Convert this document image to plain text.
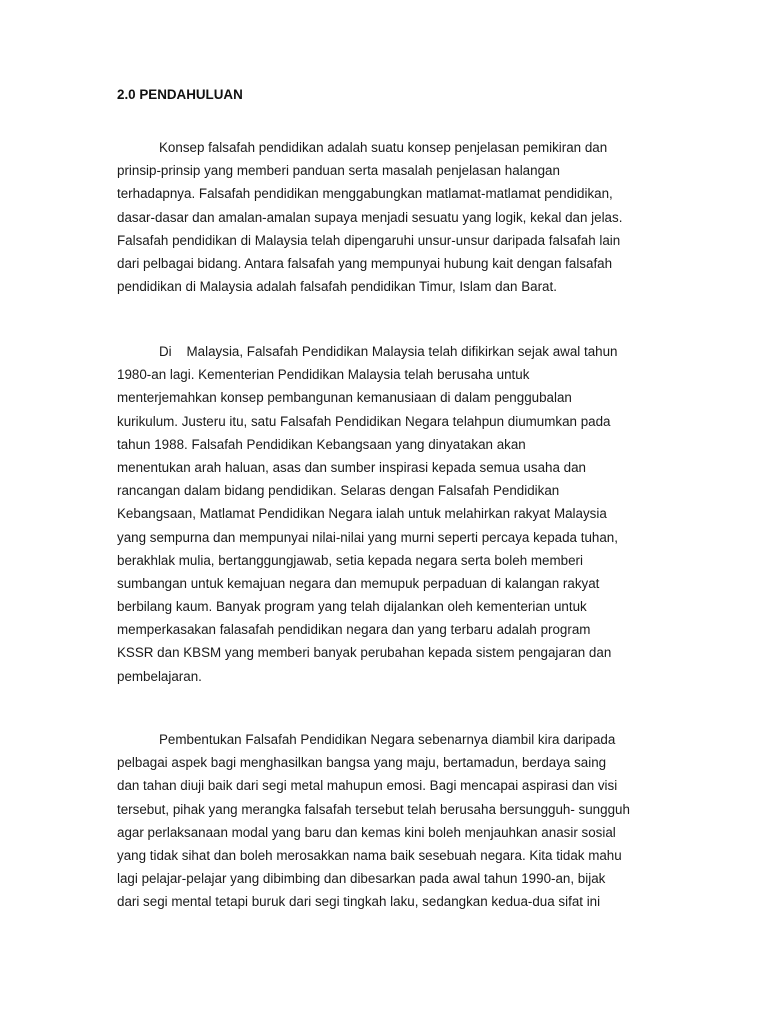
2.0 PENDAHULUAN
Konsep falsafah pendidikan adalah suatu konsep penjelasan pemikiran dan
prinsip-prinsip yang memberi panduan serta masalah penjelasan halangan
terhadapnya. Falsafah pendidikan menggabungkan matlamat-matlamat pendidikan,
dasar-dasar dan amalan-amalan supaya menjadi sesuatu yang logik, kekal dan jelas.
Falsafah pendidikan di Malaysia telah dipengaruhi unsur-unsur daripada falsafah lain
dari pelbagai bidang. Antara falsafah yang mempunyai hubung kait dengan falsafah
pendidikan di Malaysia adalah falsafah pendidikan Timur, Islam dan Barat.
Di    Malaysia, Falsafah Pendidikan Malaysia telah difikirkan sejak awal tahun
1980-an lagi. Kementerian Pendidikan Malaysia telah berusaha untuk
menterjemahkan konsep pembangunan kemanusiaan di dalam penggubalan
kurikulum. Justeru itu, satu Falsafah Pendidikan Negara telahpun diumumkan pada
tahun 1988. Falsafah Pendidikan Kebangsaan yang dinyatakan akan
menentukan arah haluan, asas dan sumber inspirasi kepada semua usaha dan
rancangan dalam bidang pendidikan. Selaras dengan Falsafah Pendidikan
Kebangsaan, Matlamat Pendidikan Negara ialah untuk melahirkan rakyat Malaysia
yang sempurna dan mempunyai nilai-nilai yang murni seperti percaya kepada tuhan,
berakhlak mulia, bertanggungjawab, setia kepada negara serta boleh memberi
sumbangan untuk kemajuan negara dan memupuk perpaduan di kalangan rakyat
berbilang kaum. Banyak program yang telah dijalankan oleh kementerian untuk
memperkasakan falasafah pendidikan negara dan yang terbaru adalah program
KSSR dan KBSM yang memberi banyak perubahan kepada sistem pengajaran dan
pembelajaran.
Pembentukan Falsafah Pendidikan Negara sebenarnya diambil kira daripada
pelbagai aspek bagi menghasilkan bangsa yang maju, bertamadun, berdaya saing
dan tahan diuji baik dari segi metal mahupun emosi. Bagi mencapai aspirasi dan visi
tersebut, pihak yang merangka falsafah tersebut telah berusaha bersungguh- sungguh
agar perlaksanaan modal yang baru dan kemas kini boleh menjauhkan anasir sosial
yang tidak sihat dan boleh merosakkan nama baik sesebuah negara. Kita tidak mahu
lagi pelajar-pelajar yang dibimbing dan dibesarkan pada awal tahun 1990-an, bijak
dari segi mental tetapi buruk dari segi tingkah laku, sedangkan kedua-dua sifat ini
